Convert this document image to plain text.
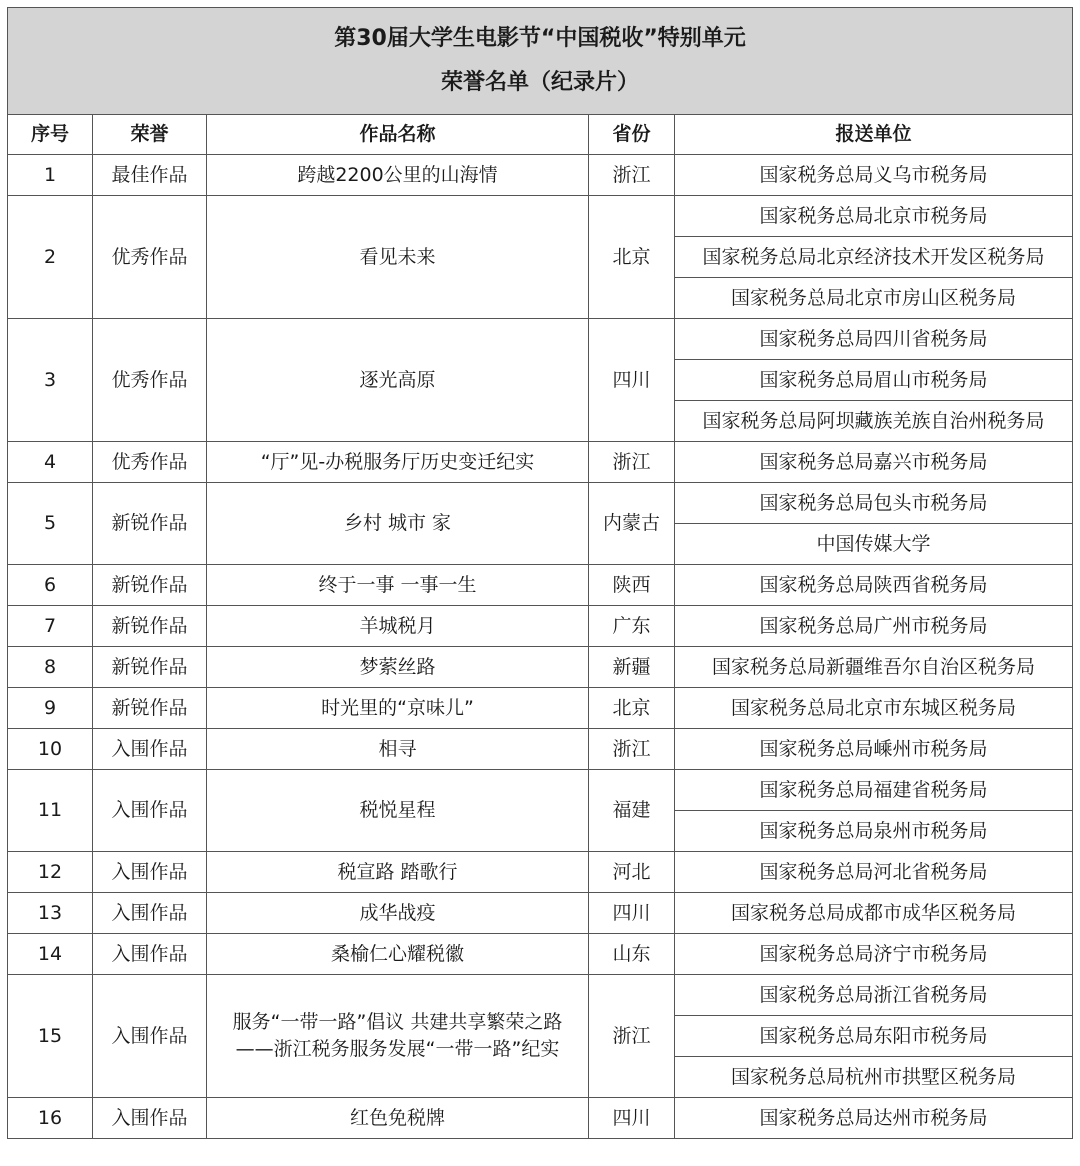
第30届大学生电影节“中国税收”特别单元
荣誉名单（纪录片）				

序号	荣誉	作品名称	省份	报送单位
1	最佳作品	跨越2200公里的山海情	浙江	国家税务总局义乌市税务局
2	优秀作品	看见未来	北京	国家税务总局北京市税务局
				国家税务总局北京经济技术开发区税务局
				国家税务总局北京市房山区税务局
3	优秀作品	逐光高原	四川	国家税务总局四川省税务局
				国家税务总局眉山市税务局
				国家税务总局阿坝藏族羌族自治州税务局
4	优秀作品	“厅”见-办税服务厅历史变迁纪实	浙江	国家税务总局嘉兴市税务局
5	新锐作品	乡村 城市 家	内蒙古	国家税务总局包头市税务局
				中国传媒大学
6	新锐作品	终于一事 一事一生	陕西	国家税务总局陕西省税务局
7	新锐作品	羊城税月	广东	国家税务总局广州市税务局
8	新锐作品	梦萦丝路	新疆	国家税务总局新疆维吾尔自治区税务局
9	新锐作品	时光里的“京味儿”	北京	国家税务总局北京市东城区税务局
10	入围作品	相寻	浙江	国家税务总局嵊州市税务局
11	入围作品	税悦星程	福建	国家税务总局福建省税务局
				国家税务总局泉州市税务局
12	入围作品	税宣路 踏歌行	河北	国家税务总局河北省税务局
13	入围作品	成华战疫	四川	国家税务总局成都市成华区税务局
14	入围作品	桑榆仁心耀税徽	山东	国家税务总局济宁市税务局
15	入围作品	服务“一带一路”倡议 共建共享繁荣之路
——浙江税务服务发展“一带一路”纪实	浙江	国家税务总局浙江省税务局
				国家税务总局东阳市税务局
				国家税务总局杭州市拱墅区税务局
16	入围作品	红色免税牌	四川	国家税务总局达州市税务局
